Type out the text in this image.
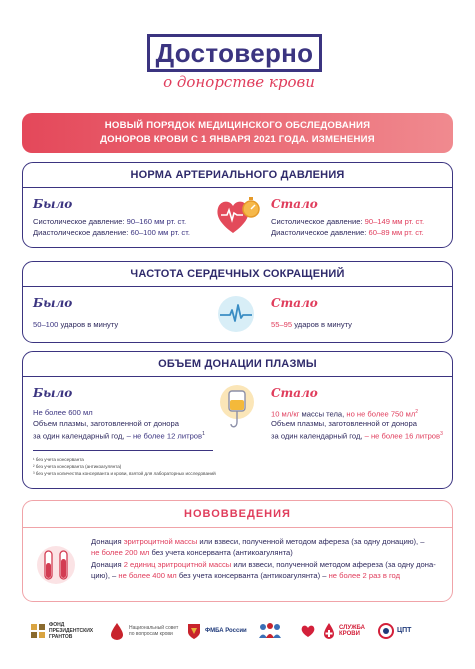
Достоверно
о донорстве крови
НОВЫЙ ПОРЯДОК МЕДИЦИНСКОГО ОБСЛЕДОВАНИЯ
ДОНОРОВ КРОВИ С 1 ЯНВАРЯ 2021 ГОДА. ИЗМЕНЕНИЯ
НОРМА АРТЕРИАЛЬНОГО ДАВЛЕНИЯ
Было
Систолическое давление: 90–160 мм рт. ст.
Диастолическое давление: 60–100 мм рт. ст.
Стало
Систолическое давление: 90–149 мм рт. ст.
Диастолическое давление: 60–89 мм рт. ст.
ЧАСТОТА СЕРДЕЧНЫХ СОКРАЩЕНИЙ
Было
50–100 ударов в минуту
Стало
55–95 ударов в минуту
ОБЪЕМ ДОНАЦИИ ПЛАЗМЫ
Было
Не более 600 мл
Объем плазмы, заготовленной от донора
за один календарный год, – не более 12 литров$^1$
¹ без учета консерванта
² без учета консерванта (антикоагулянта)
³ без учета количества консерванта и крови, взятой для лабораторных исследований
Стало
10 мл/кг массы тела, но не более 750 $мл^2$
Объем плазмы, заготовленной от донора
за один календарный год, – не более 16 литров$^3$
НОВОВВЕДЕНИЯ
Донация эритроцитной массы или взвеси, полученной методом афереза (за одну донацию), –
не более 200 мл без учета консерванта (антикоагулянта)
Донация 2 единиц эритроцитной массы или взвеси, полученной методом афереза (за одну дона-
цию), – не более 400 мл без учета консерванта (антикоагулянта) – не более 2 раз в год
ФОНД ПРЕЗИДЕНТСКИХ ГРАНТОВ
Национальный совет по вопросам крови	ФМБА России	СЛУЖБА КРОВИ	ЦПТ
